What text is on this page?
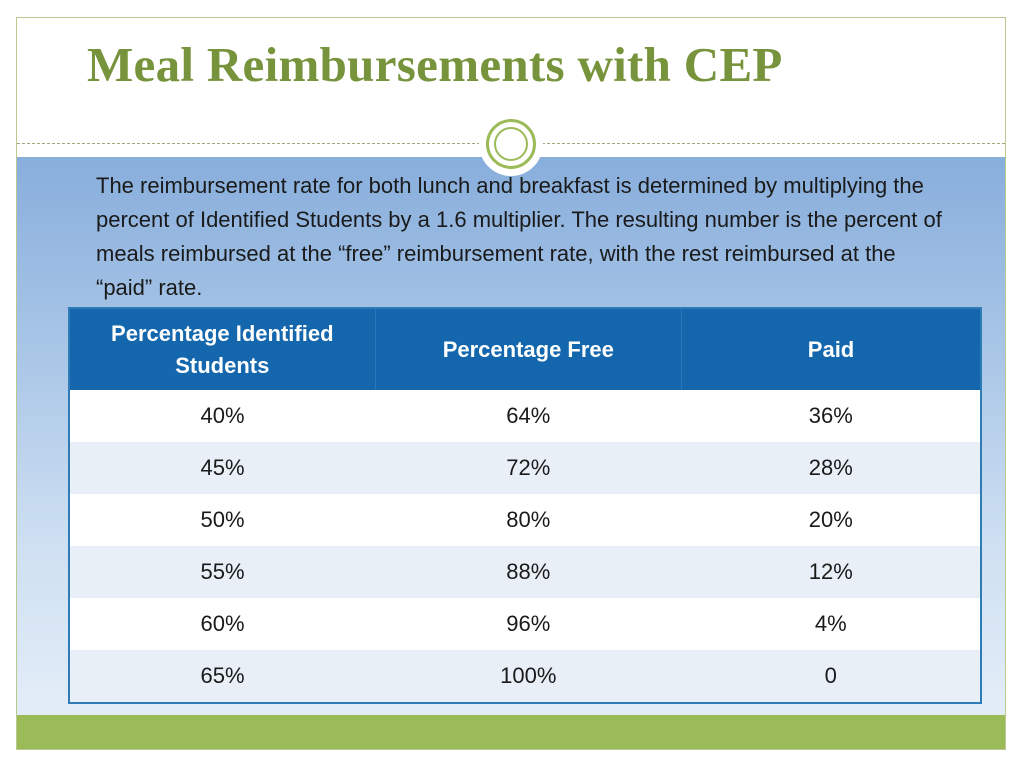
Meal Reimbursements with CEP
The reimbursement rate for both lunch and breakfast is determined by multiplying the percent of Identified Students by a 1.6 multiplier. The resulting number is the percent of meals reimbursed at the “free” reimbursement rate, with the rest reimbursed at the “paid” rate.
Percentage Identified Students	Percentage Free	Paid
40%	64%	36%
45%	72%	28%
50%	80%	20%
55%	88%	12%
60%	96%	4%
65%	100%	0
